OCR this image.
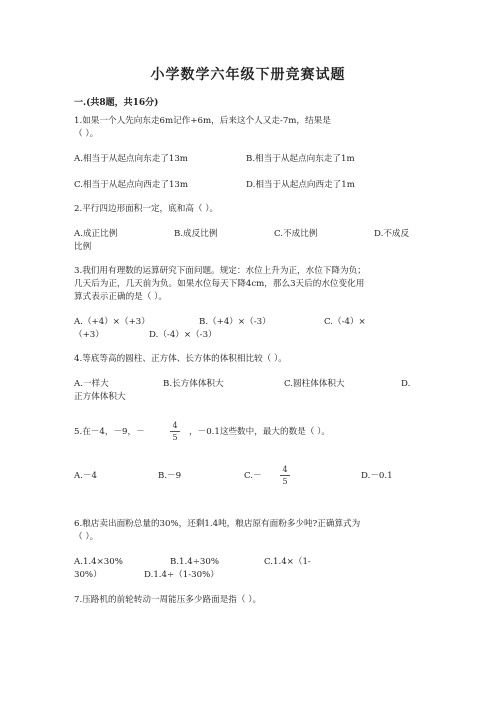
小学数学六年级下册竞赛试题
一.(共8题，共16分)
1.如果一个人先向东走6m记作+6m，后来这个人又走-7m，结果是
（ ）。
A.相当于从起点向东走了13m	B.相当于从起点向东走了1m
C.相当于从起点向西走了13m	D.相当于从起点向西走了1m
2.平行四边形面积一定，底和高（ ）。
A.成正比例	B.成反比例	C.不成比例	D.不成反
比例
3.我们用有理数的运算研究下面问题。规定：水位上升为正，水位下降为负；
几天后为正，几天前为负。如果水位每天下降4cm，那么3天后的水位变化用
算式表示正确的是（ ）。
A.（+4）×（+3）	B.（+4）×（-3）	C.（-4）×
（+3）	D.（-4）×（-3）
4.等底等高的圆柱、正方体、长方体的体积相比较（ ）。
A.一样大	B.长方体体积大	C.圆柱体体积大	D.
正方体体积大
5.在－4，－9，－
4
5
，－0.1这些数中，最大的数是（ ）。
A.－4	B.－9	C.－
4
5
D.－0.1
6.粮店卖出面粉总量的30%，还剩1.4吨，粮店原有面粉多少吨?正确算式为
（ ）。
A.1.4×30%	B.1.4÷30%	C.1.4×（1-
30%）	D.1.4÷（1-30%）
7.压路机的前轮转动一周能压多少路面是指（ ）。
